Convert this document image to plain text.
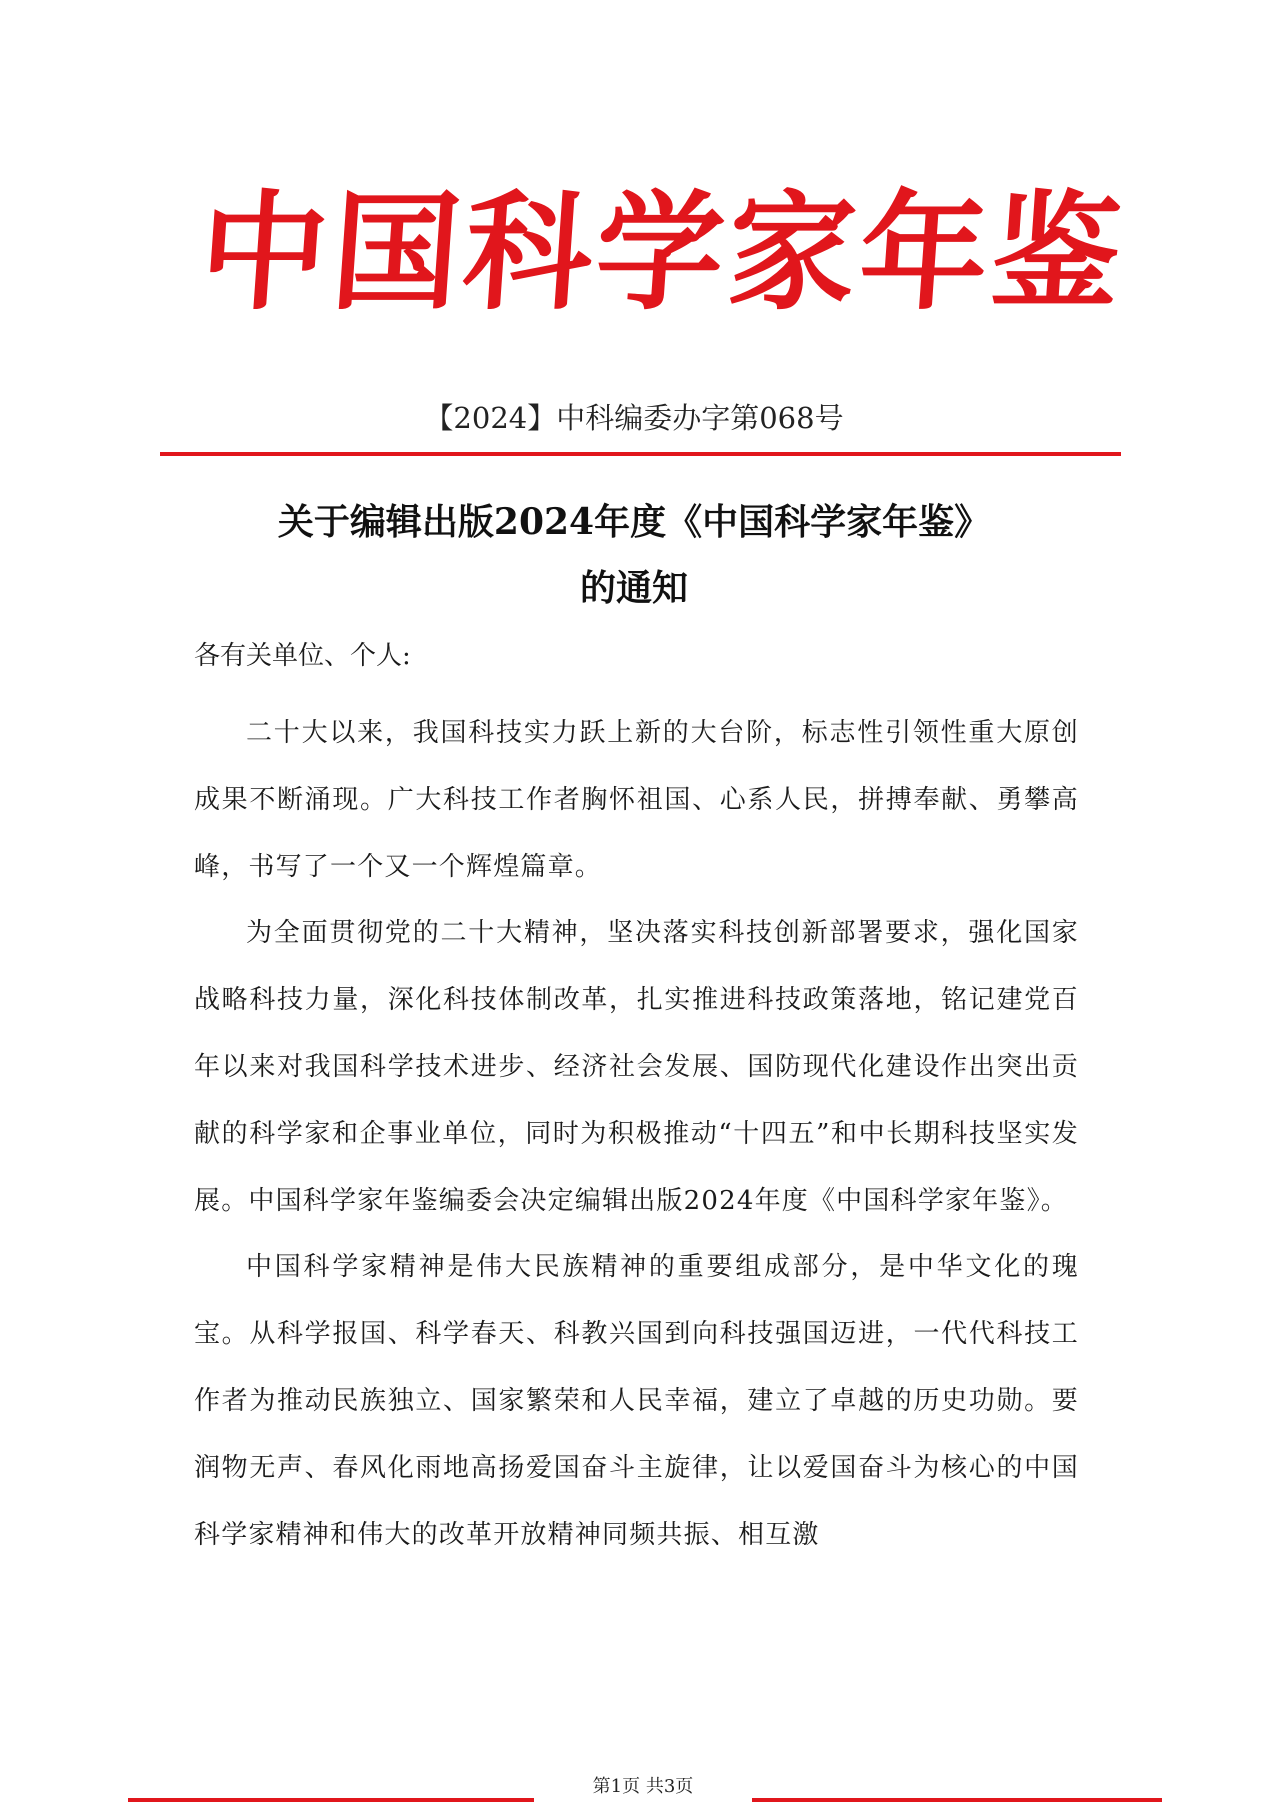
中国科学家年鉴
【2024】中科编委办字第068号
关于编辑出版2024年度《中国科学家年鉴》
的通知
各有关单位、个人:

二十大以来，我国科技实力跃上新的大台阶，标志性引领性重大原创成果不断涌现。广大科技工作者胸怀祖国、心系人民，拼搏奉献、勇攀高峰，书写了一个又一个辉煌篇章。

为全面贯彻党的二十大精神，坚决落实科技创新部署要求，强化国家战略科技力量，深化科技体制改革，扎实推进科技政策落地，铭记建党百年以来对我国科学技术进步、经济社会发展、国防现代化建设作出突出贡献的科学家和企事业单位，同时为积极推动“十四五”和中长期科技坚实发展。中国科学家年鉴编委会决定编辑出版2024年度《中国科学家年鉴》。

中国科学家精神是伟大民族精神的重要组成部分，是中华文化的瑰宝。从科学报国、科学春天、科教兴国到向科技强国迈进，一代代科技工作者为推动民族独立、国家繁荣和人民幸福，建立了卓越的历史功勋。要润物无声、春风化雨地高扬爱国奋斗主旋律，让以爱国奋斗为核心的中国科学家精神和伟大的改革开放精神同频共振、相互激

第1页 共3页
